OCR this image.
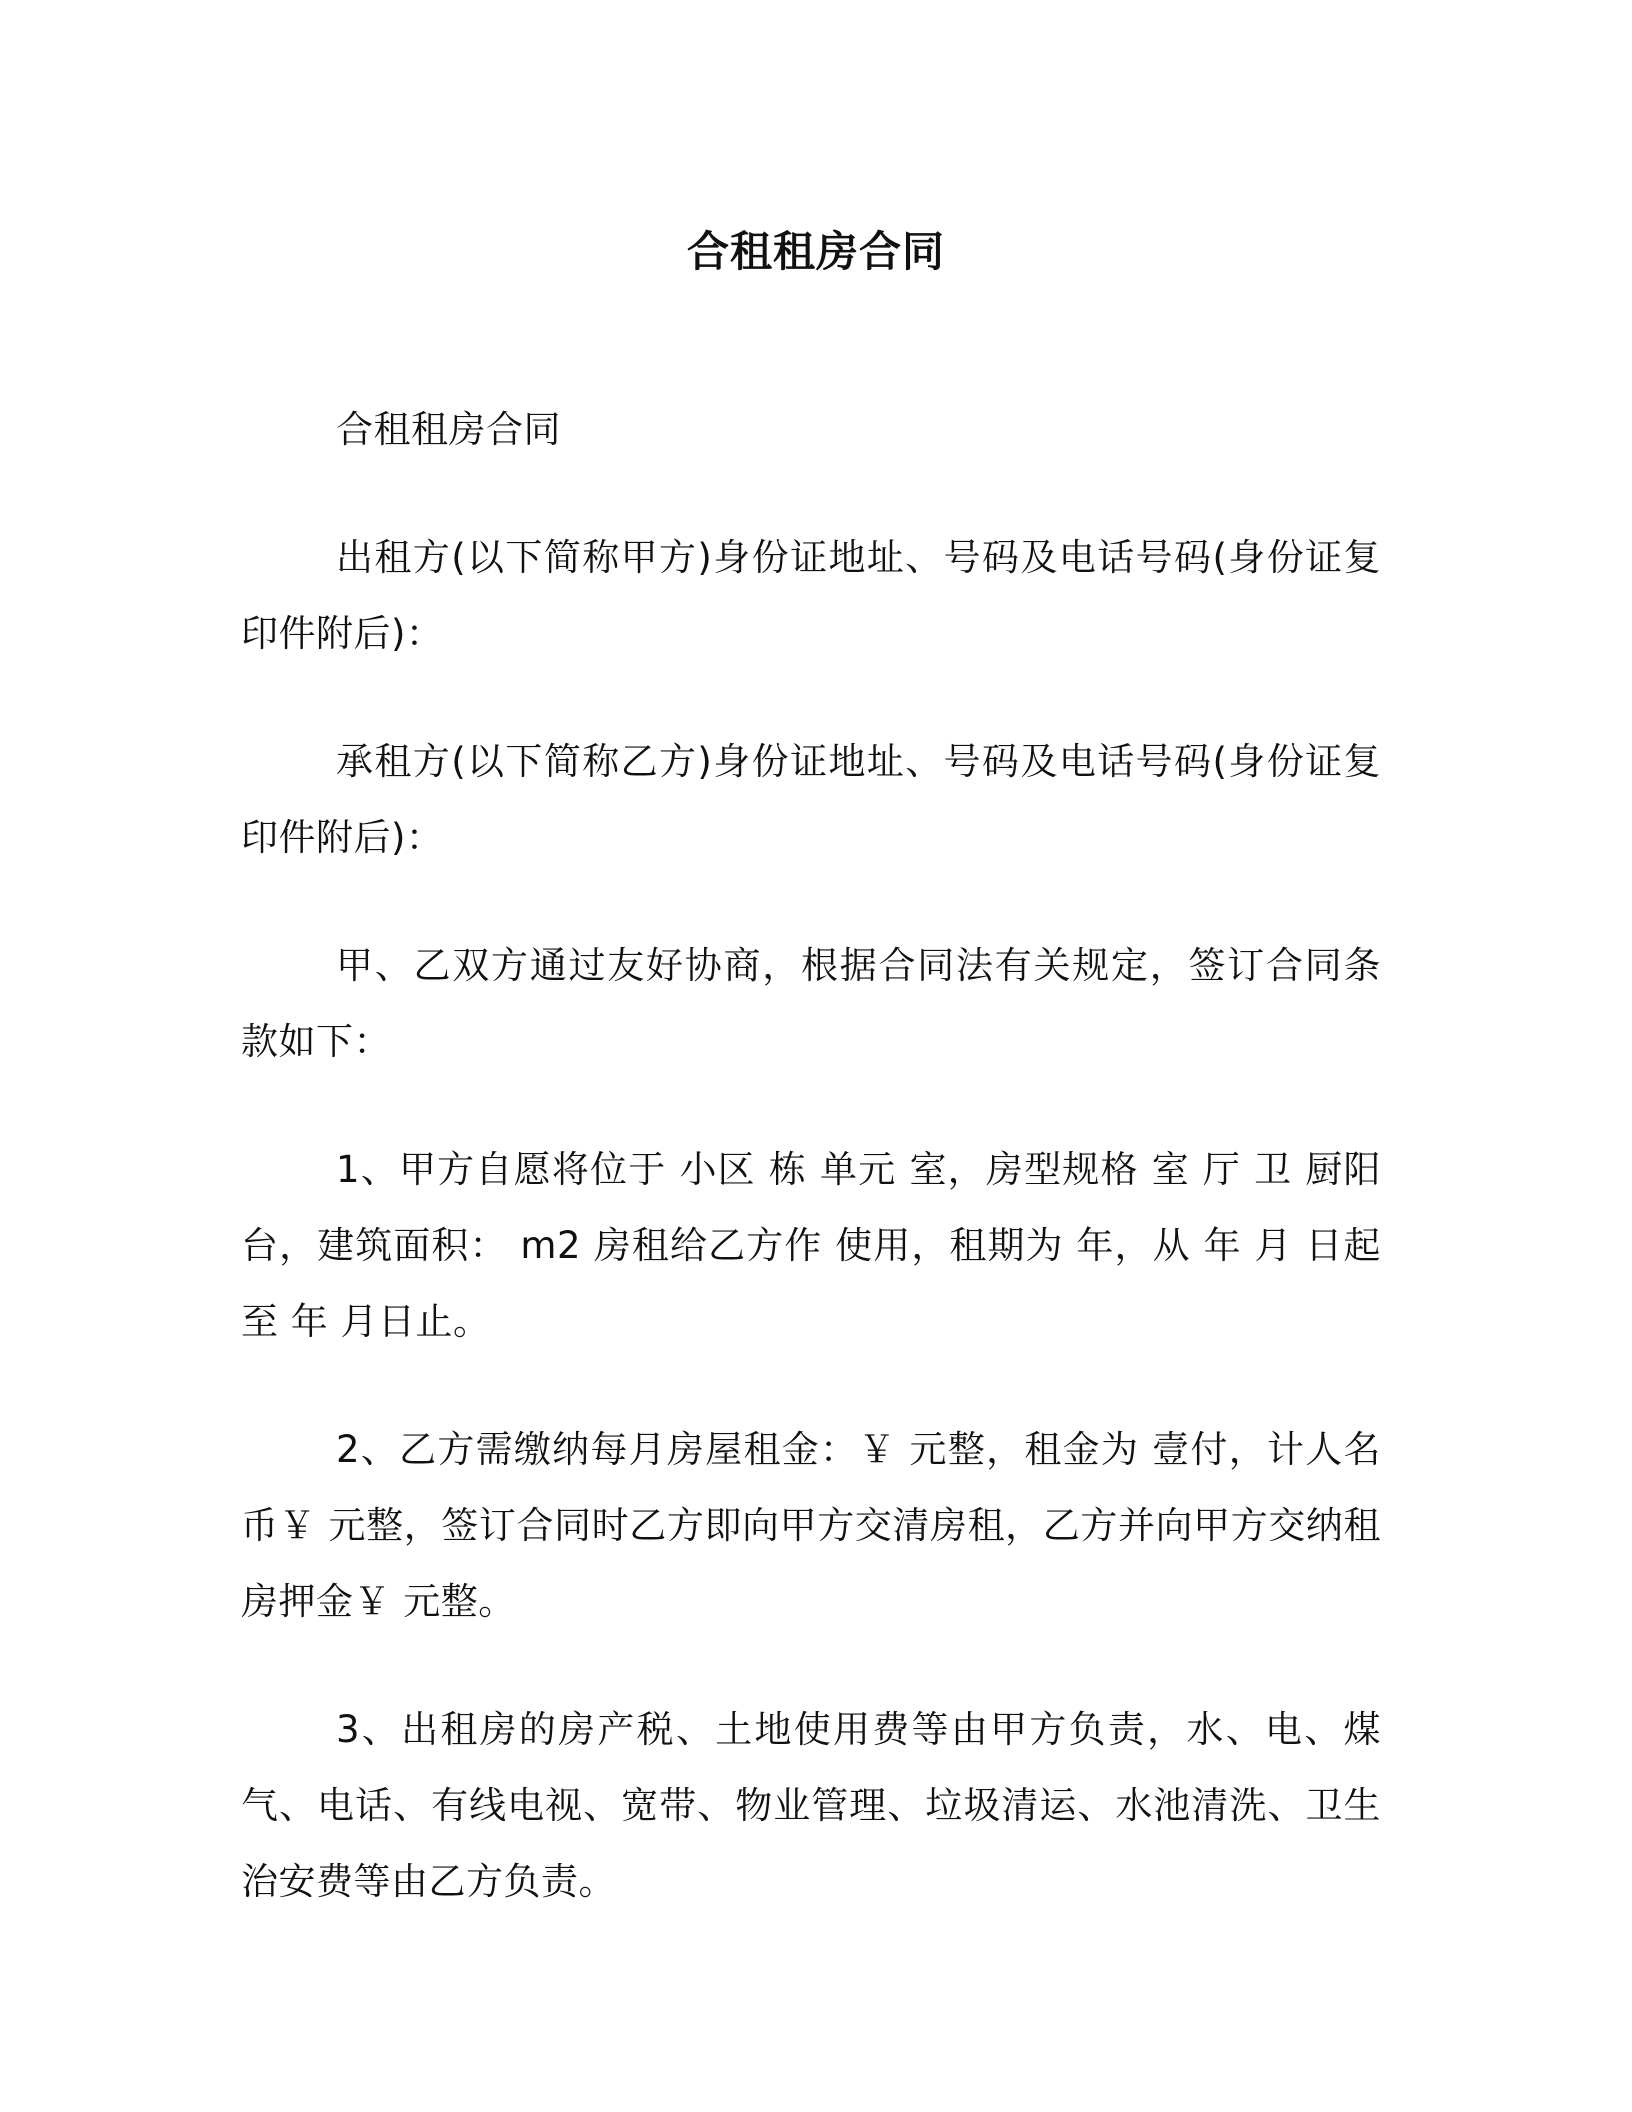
合租租房合同

合租租房合同

出租方(以下简称甲方)身份证地址、号码及电话号码(身份证复印件附后)：

承租方(以下简称乙方)身份证地址、号码及电话号码(身份证复印件附后)：

甲、乙双方通过友好协商，根据合同法有关规定，签订合同条款如下：

1、甲方自愿将位于 小区 栋 单元 室，房型规格 室 厅 卫 厨阳台，建筑面积： m2 房租给乙方作 使用，租期为 年，从 年 月 日起至 年 月日止。

2、乙方需缴纳每月房屋租金：￥ 元整，租金为 壹付，计人名币￥ 元整，签订合同时乙方即向甲方交清房租，乙方并向甲方交纳租房押金￥ 元整。

3、出租房的房产税、土地使用费等由甲方负责，水、电、煤气、电话、有线电视、宽带、物业管理、垃圾清运、水池清洗、卫生治安费等由乙方负责。
